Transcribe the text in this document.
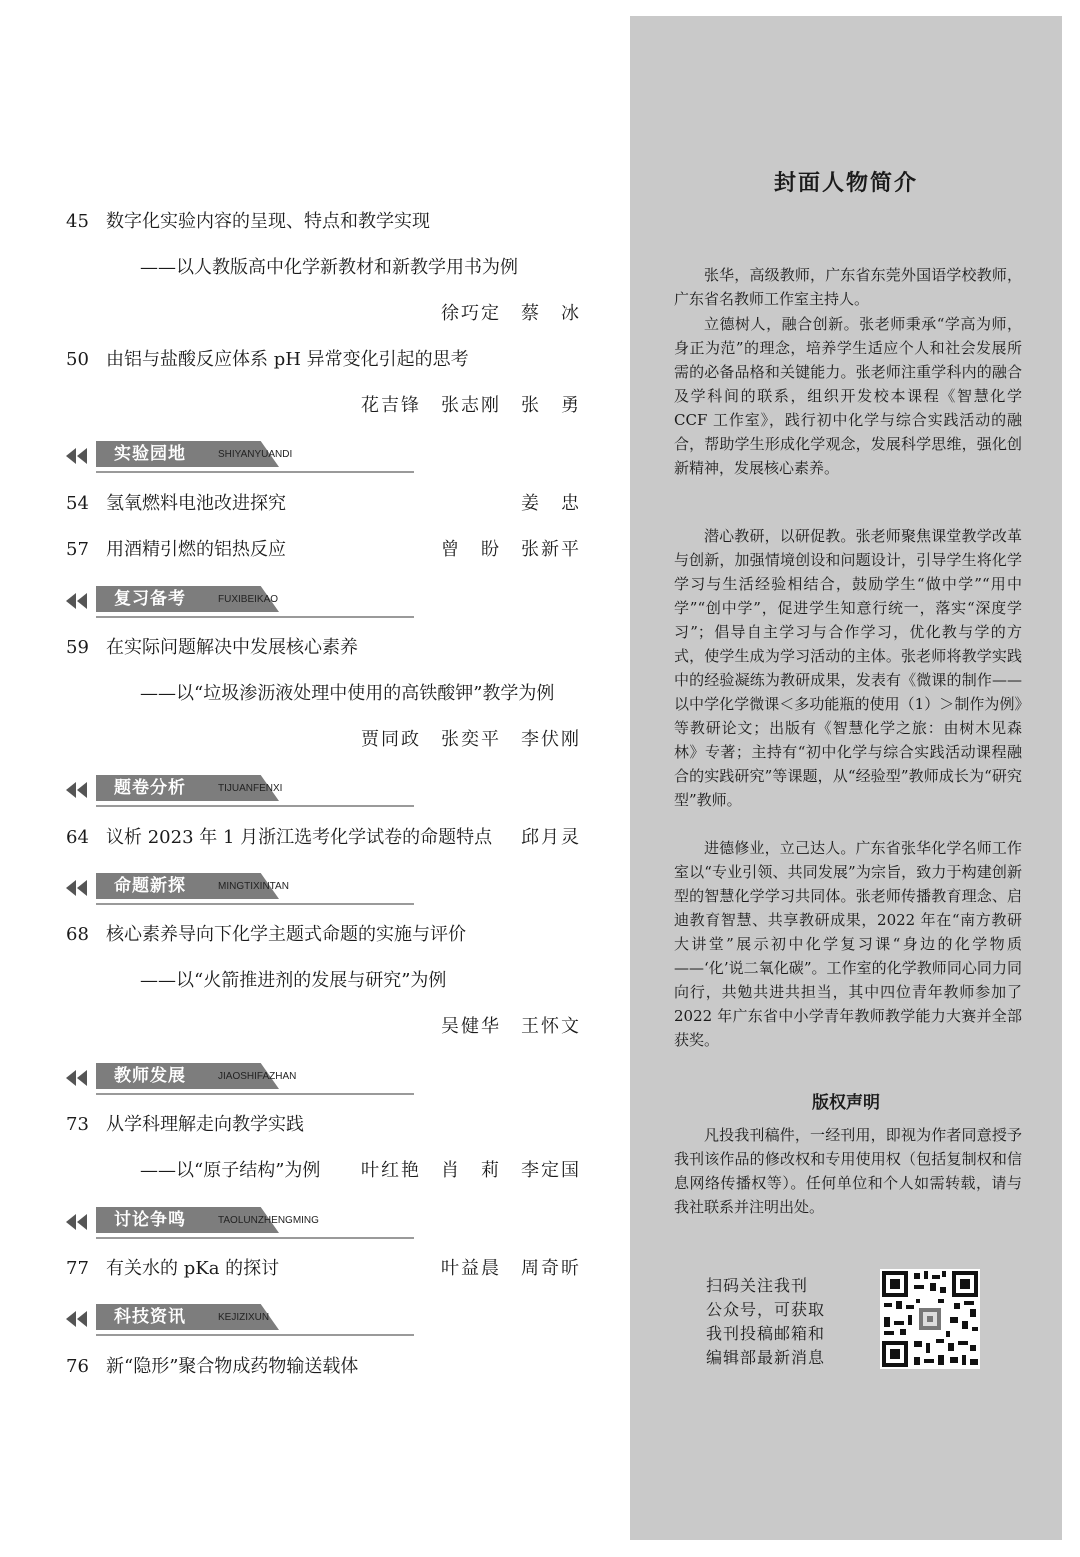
45 数字化实验内容的呈现、特点和教学实现
——以人教版高中化学新教材和新教学用书为例
徐巧定　蔡　冰
50 由铝与盐酸反应体系 pH 异常变化引起的思考
花吉锋　张志刚　张　勇
实验园地	SHIYANYUANDI
54 氢氧燃料电池改进探究	姜　忠
57 用酒精引燃的铝热反应	曾　盼　张新平
复习备考	FUXIBEIKAO
59 在实际问题解决中发展核心素养
——以“垃圾渗沥液处理中使用的高铁酸钾”教学为例
贾同政　张奕平　李伏刚
题卷分析	TIJUANFENXI
64 议析 2023 年 1 月浙江选考化学试卷的命题特点 邱月灵
命题新探	MINGTIXINTAN
68 核心素养导向下化学主题式命题的实施与评价
——以“火箭推进剂的发展与研究”为例
吴健华　王怀文
教师发展	JIAOSHIFAZHAN
73 从学科理解走向教学实践
——以“原子结构”为例 叶红艳　肖　莉　李定国
讨论争鸣	TAOLUNZHENGMING
77 有关水的 pKa 的探讨	叶益晨　周奇昕
科技资讯	KEJIZIXUN
76 新“隐形”聚合物成药物输送载体
封面人物简介

张华，高级教师，广东省东莞外国语学校教师，广东省名教师工作室主持人。

立德树人，融合创新。张老师秉承“学高为师，身正为范”的理念，培养学生适应个人和社会发展所需的必备品格和关键能力。张老师注重学科内的融合及学科间的联系，组织开发校本课程《智慧化学 CCF 工作室》，践行初中化学与综合实践活动的融合，帮助学生形成化学观念，发展科学思维，强化创新精神，发展核心素养。

潜心教研，以研促教。张老师聚焦课堂教学改革与创新，加强情境创设和问题设计，引导学生将化学学习与生活经验相结合，鼓励学生“做中学”“用中学”“创中学”，促进学生知意行统一，落实“深度学习”；倡导自主学习与合作学习，优化教与学的方式，使学生成为学习活动的主体。张老师将教学实践中的经验凝练为教研成果，发表有《微课的制作——以中学化学微课＜多功能瓶的使用（1）＞制作为例》等教研论文；出版有《智慧化学之旅：由树木见森林》专著；主持有“初中化学与综合实践活动课程融合的实践研究”等课题，从“经验型”教师成长为“研究型”教师。

进德修业，立己达人。广东省张华化学名师工作室以“专业引领、共同发展”为宗旨，致力于构建创新型的智慧化学学习共同体。张老师传播教育理念、启迪教育智慧、共享教研成果，2022 年在“南方教研大讲堂”展示初中化学复习课“身边的化学物质——‘化’说二氧化碳”。工作室的化学教师同心同力同向行，共勉共进共担当，其中四位青年教师参加了 2022 年广东省中小学青年教师教学能力大赛并全部获奖。

版权声明

凡投我刊稿件，一经刊用，即视为作者同意授予我刊该作品的修改权和专用使用权（包括复制权和信息网络传播权等）。任何单位和个人如需转载，请与我社联系并注明出处。

扫码关注我刊
公众号，可获取
我刊投稿邮箱和
编辑部最新消息
